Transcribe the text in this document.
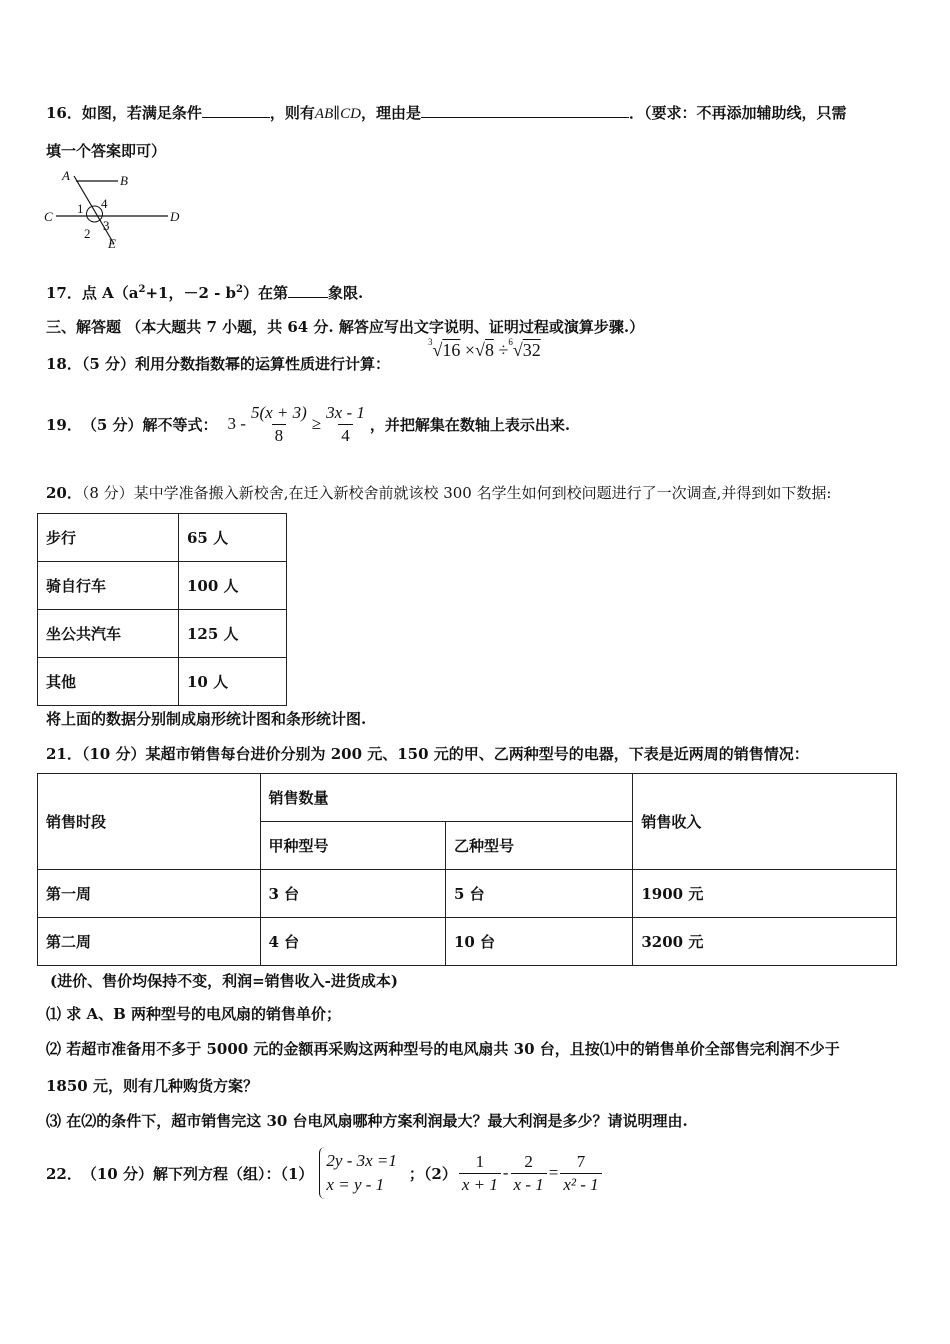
16．如图，若满足条件	，则有AB∥CD，理由是	．（要求：不再添加辅助线，只需
填一个答案即可）
A	B
C	D
E
1
2
3
4
17．点 $A(a^2+1$，$-2 - b^2$）在第	象限.
三、解答题 （本大题共 7 小题，共 64 分. 解答应写出文字说明、证明过程或演算步骤.）
18．（5 分）利用分数指数幂的运算性质进行计算：
$^3$√16 ×√8 ÷$^6$√32
19． （5 分）解不等式： $3 - \frac{5(x + 3)}{8} \ge \frac{3x - 1}{4}$ ，并把解集在数轴上表示出来.
20．（8 分）某中学准备搬入新校舍,在迁入新校舍前就该校 300 名学生如何到校问题进行了一次调查,并得到如下数据:
步行	65 人
骑自行车	100 人
坐公共汽车	125 人
其他	10 人
将上面的数据分别制成扇形统计图和条形统计图.
21．（10 分）某超市销售每台进价分别为 200 元、150 元的甲、乙两种型号的电器，下表是近两周的销售情况：
销售时段	销售数量		销售收入
	甲种型号	乙种型号	
第一周	3 台	5 台	1900 元
第二周	4 台	10 台	3200 元
(进价、售价均保持不变，利润=销售收入-进货成本)
⑴ 求 A、B 两种型号的电风扇的销售单价；
⑵ 若超市准备用不多于 5000 元的金额再采购这两种型号的电风扇共 30 台，且按⑴中的销售单价全部售完利润不少于
1850 元，则有几种购货方案？
⑶ 在⑵的条件下，超市销售完这 30 台电风扇哪种方案利润最大？最大利润是多少？请说明理由.
22． （10 分）解下列方程（组）：（1）
2y - 3x =1
x = y - 1
；$(2) \frac{1}{x + 1} - \frac{2}{x - 1} = \frac{7}{\text{x² - 1}}$
